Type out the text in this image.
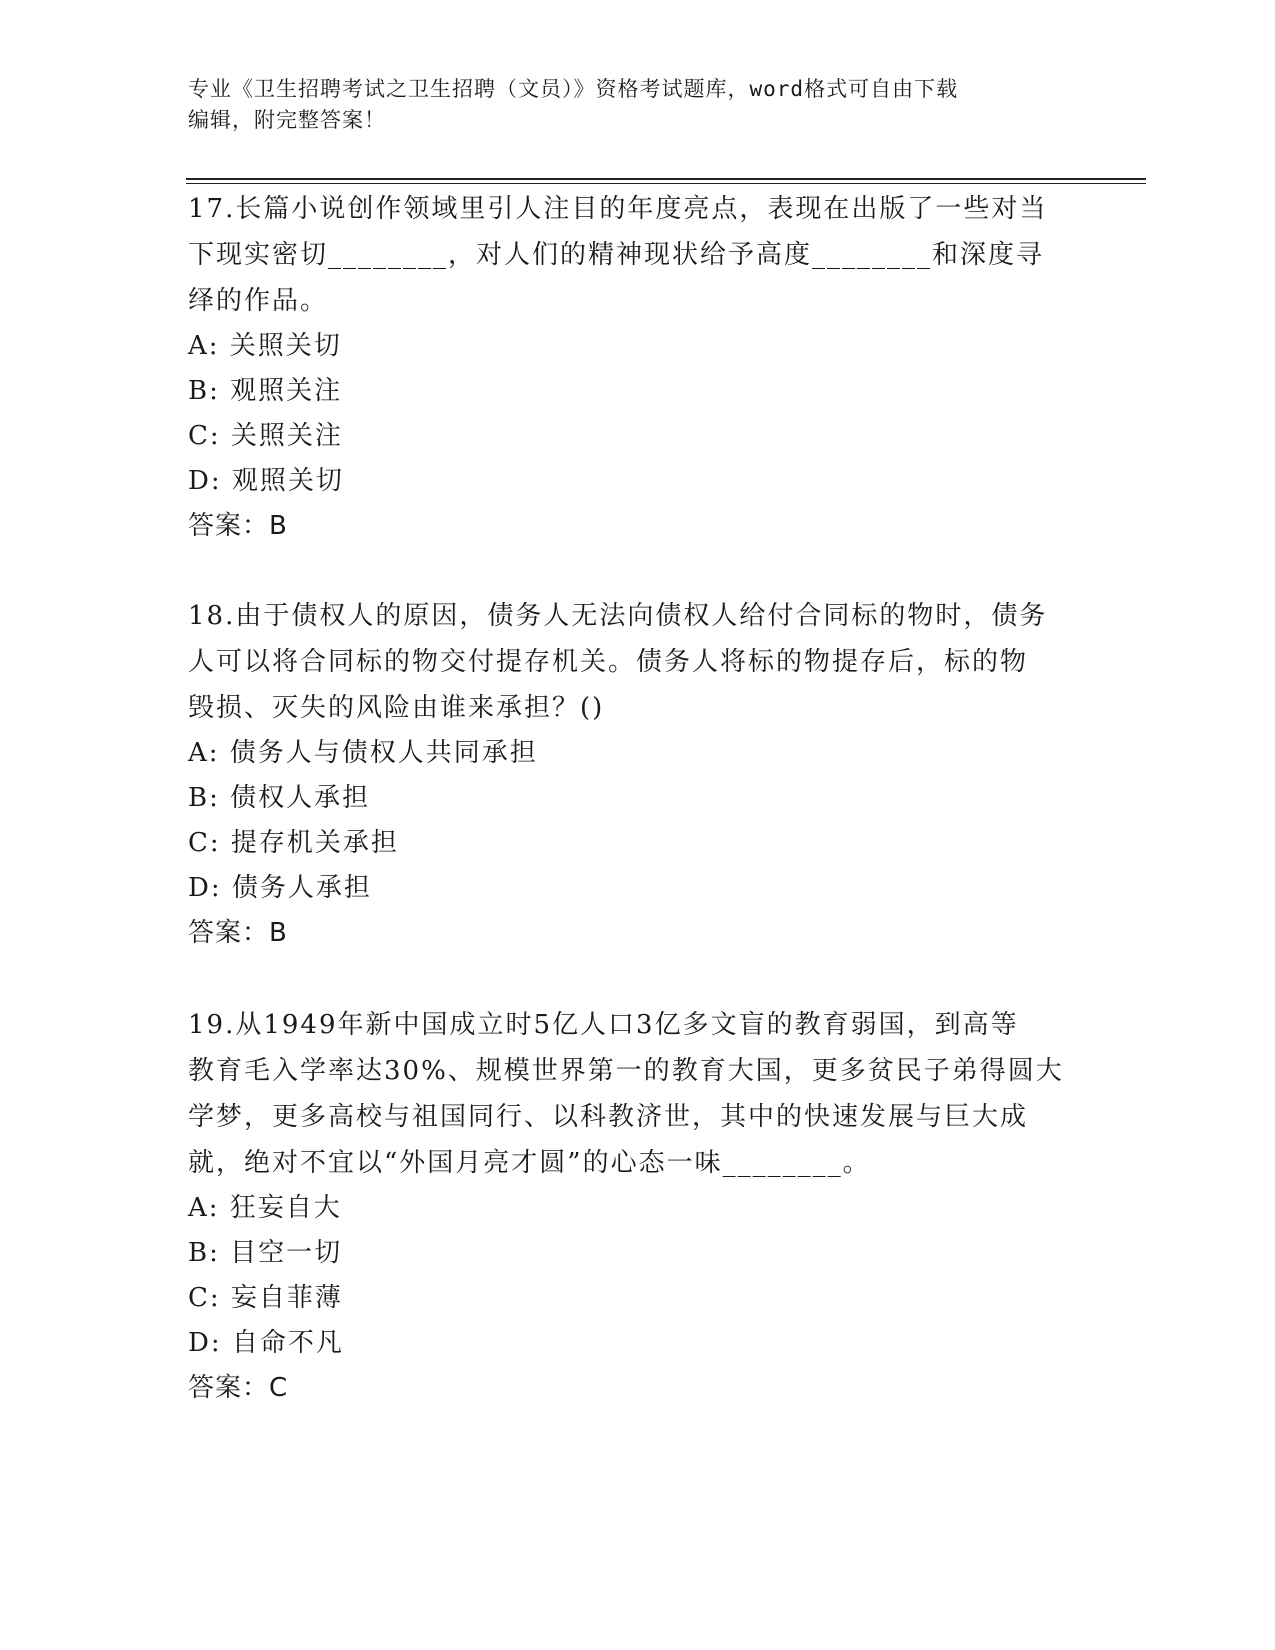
专业《卫生招聘考试之卫生招聘（文员）》资格考试题库，word格式可自由下载
编辑，附完整答案！

17.长篇小说创作领域里引人注目的年度亮点，表现在出版了一些对当

下现实密切________，对人们的精神现状给予高度________和深度寻

绎的作品。

A: 关照关切

B: 观照关注

C: 关照关注

D: 观照关切

答案：B

18.由于债权人的原因，债务人无法向债权人给付合同标的物时，债务

人可以将合同标的物交付提存机关。债务人将标的物提存后，标的物

毁损、灭失的风险由谁来承担？()

A: 债务人与债权人共同承担

B: 债权人承担

C: 提存机关承担

D: 债务人承担

答案：B

19.从1949年新中国成立时5亿人口3亿多文盲的教育弱国，到高等

教育毛入学率达30%、规模世界第一的教育大国，更多贫民子弟得圆大

学梦，更多高校与祖国同行、以科教济世，其中的快速发展与巨大成

就，绝对不宜以“外国月亮才圆”的心态一味________。

A: 狂妄自大

B: 目空一切

C: 妄自菲薄

D: 自命不凡

答案：C
